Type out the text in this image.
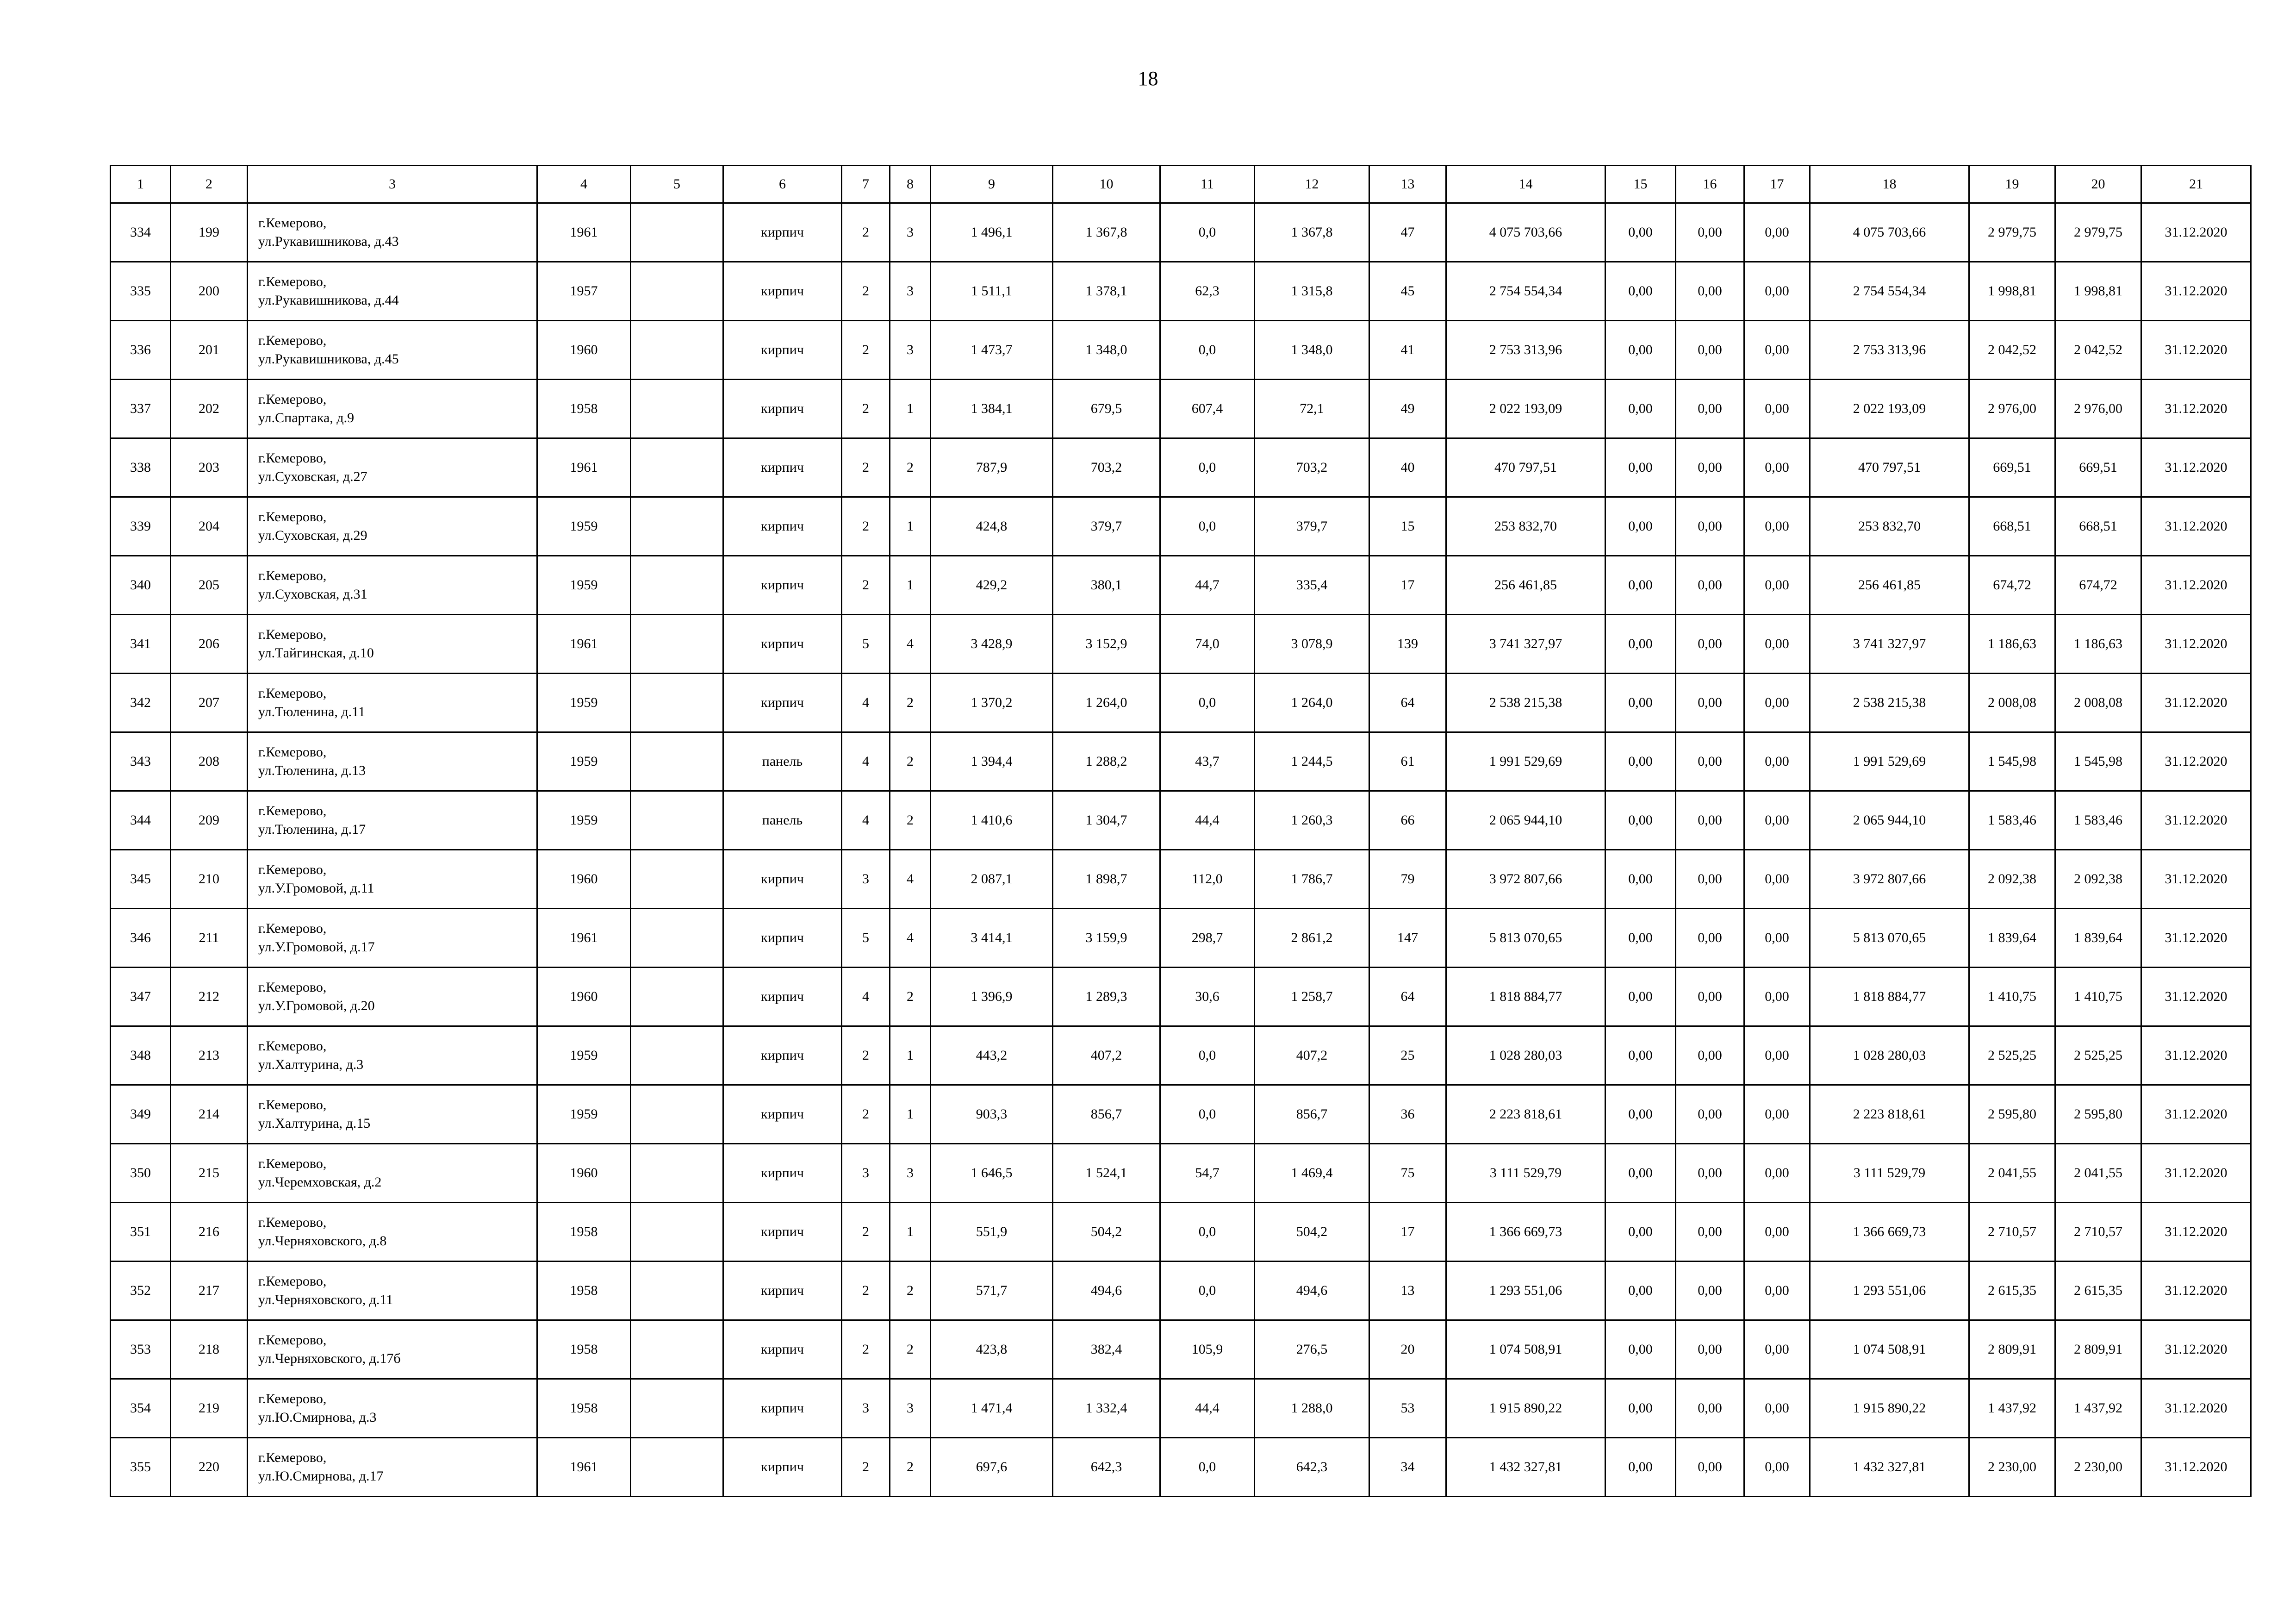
18
1	2	3	4	5	6	7	8	9	10	11	12	13	14	15	16	17	18	19	20	21
334	199	г.Кемерово,
ул.Рукавишникова, д.43	1961		кирпич	2	3	1 496,1	1 367,8	0,0	1 367,8	47	4 075 703,66	0,00	0,00	0,00	4 075 703,66	2 979,75	2 979,75	31.12.2020
335	200	г.Кемерово,
ул.Рукавишникова, д.44	1957		кирпич	2	3	1 511,1	1 378,1	62,3	1 315,8	45	2 754 554,34	0,00	0,00	0,00	2 754 554,34	1 998,81	1 998,81	31.12.2020
336	201	г.Кемерово,
ул.Рукавишникова, д.45	1960		кирпич	2	3	1 473,7	1 348,0	0,0	1 348,0	41	2 753 313,96	0,00	0,00	0,00	2 753 313,96	2 042,52	2 042,52	31.12.2020
337	202	г.Кемерово,
ул.Спартака, д.9	1958		кирпич	2	1	1 384,1	679,5	607,4	72,1	49	2 022 193,09	0,00	0,00	0,00	2 022 193,09	2 976,00	2 976,00	31.12.2020
338	203	г.Кемерово,
ул.Суховская, д.27	1961		кирпич	2	2	787,9	703,2	0,0	703,2	40	470 797,51	0,00	0,00	0,00	470 797,51	669,51	669,51	31.12.2020
339	204	г.Кемерово,
ул.Суховская, д.29	1959		кирпич	2	1	424,8	379,7	0,0	379,7	15	253 832,70	0,00	0,00	0,00	253 832,70	668,51	668,51	31.12.2020
340	205	г.Кемерово,
ул.Суховская, д.31	1959		кирпич	2	1	429,2	380,1	44,7	335,4	17	256 461,85	0,00	0,00	0,00	256 461,85	674,72	674,72	31.12.2020
341	206	г.Кемерово,
ул.Тайгинская, д.10	1961		кирпич	5	4	3 428,9	3 152,9	74,0	3 078,9	139	3 741 327,97	0,00	0,00	0,00	3 741 327,97	1 186,63	1 186,63	31.12.2020
342	207	г.Кемерово,
ул.Тюленина, д.11	1959		кирпич	4	2	1 370,2	1 264,0	0,0	1 264,0	64	2 538 215,38	0,00	0,00	0,00	2 538 215,38	2 008,08	2 008,08	31.12.2020
343	208	г.Кемерово,
ул.Тюленина, д.13	1959		панель	4	2	1 394,4	1 288,2	43,7	1 244,5	61	1 991 529,69	0,00	0,00	0,00	1 991 529,69	1 545,98	1 545,98	31.12.2020
344	209	г.Кемерово,
ул.Тюленина, д.17	1959		панель	4	2	1 410,6	1 304,7	44,4	1 260,3	66	2 065 944,10	0,00	0,00	0,00	2 065 944,10	1 583,46	1 583,46	31.12.2020
345	210	г.Кемерово,
ул.У.Громовой, д.11	1960		кирпич	3	4	2 087,1	1 898,7	112,0	1 786,7	79	3 972 807,66	0,00	0,00	0,00	3 972 807,66	2 092,38	2 092,38	31.12.2020
346	211	г.Кемерово,
ул.У.Громовой, д.17	1961		кирпич	5	4	3 414,1	3 159,9	298,7	2 861,2	147	5 813 070,65	0,00	0,00	0,00	5 813 070,65	1 839,64	1 839,64	31.12.2020
347	212	г.Кемерово,
ул.У.Громовой, д.20	1960		кирпич	4	2	1 396,9	1 289,3	30,6	1 258,7	64	1 818 884,77	0,00	0,00	0,00	1 818 884,77	1 410,75	1 410,75	31.12.2020
348	213	г.Кемерово,
ул.Халтурина, д.3	1959		кирпич	2	1	443,2	407,2	0,0	407,2	25	1 028 280,03	0,00	0,00	0,00	1 028 280,03	2 525,25	2 525,25	31.12.2020
349	214	г.Кемерово,
ул.Халтурина, д.15	1959		кирпич	2	1	903,3	856,7	0,0	856,7	36	2 223 818,61	0,00	0,00	0,00	2 223 818,61	2 595,80	2 595,80	31.12.2020
350	215	г.Кемерово,
ул.Черемховская, д.2	1960		кирпич	3	3	1 646,5	1 524,1	54,7	1 469,4	75	3 111 529,79	0,00	0,00	0,00	3 111 529,79	2 041,55	2 041,55	31.12.2020
351	216	г.Кемерово,
ул.Черняховского, д.8	1958		кирпич	2	1	551,9	504,2	0,0	504,2	17	1 366 669,73	0,00	0,00	0,00	1 366 669,73	2 710,57	2 710,57	31.12.2020
352	217	г.Кемерово,
ул.Черняховского, д.11	1958		кирпич	2	2	571,7	494,6	0,0	494,6	13	1 293 551,06	0,00	0,00	0,00	1 293 551,06	2 615,35	2 615,35	31.12.2020
353	218	г.Кемерово,
ул.Черняховского, д.17б	1958		кирпич	2	2	423,8	382,4	105,9	276,5	20	1 074 508,91	0,00	0,00	0,00	1 074 508,91	2 809,91	2 809,91	31.12.2020
354	219	г.Кемерово,
ул.Ю.Смирнова, д.3	1958		кирпич	3	3	1 471,4	1 332,4	44,4	1 288,0	53	1 915 890,22	0,00	0,00	0,00	1 915 890,22	1 437,92	1 437,92	31.12.2020
355	220	г.Кемерово,
ул.Ю.Смирнова, д.17	1961		кирпич	2	2	697,6	642,3	0,0	642,3	34	1 432 327,81	0,00	0,00	0,00	1 432 327,81	2 230,00	2 230,00	31.12.2020
